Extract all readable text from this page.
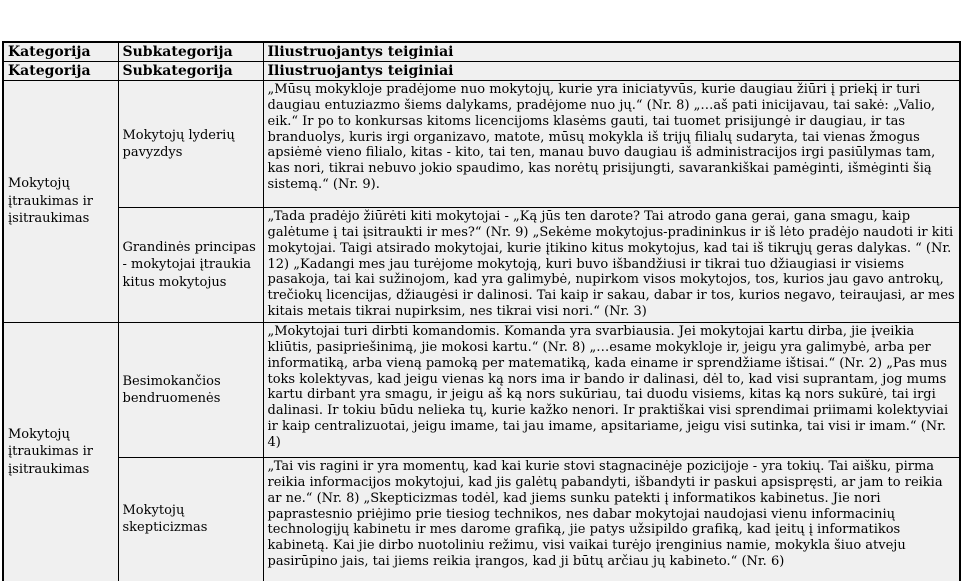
Kategorija	Subkategorija	Iliustruojantys teiginiai
Kategorija	Subkategorija	Iliustruojantys teiginiai
Mokytojų įtraukimas ir įsitraukimas	Mokytojų lyderių pavyzdys	„Mūsų mokykloje pradėjome nuo mokytojų, kurie yra iniciatyvūs, kurie daugiau žiūri į priekį ir turi daugiau entuziazmo šiems dalykams, pradėjome nuo jų.“ (Nr. 8) „…aš pati inicijavau, tai sakė: „Valio, eik.“ Ir po to konkursas kitoms licencijoms klasėms gauti, tai tuomet prisijungė ir daugiau, ir tas branduolys, kuris irgi organizavo, matote, mūsų mokykla iš trijų filialų sudaryta, tai vienas žmogus apsiėmė vieno filialo, kitas - kito, tai ten, manau buvo daugiau iš administracijos irgi pasiūlymas tam, kas nori, tikrai nebuvo jokio spaudimo, kas norėtų prisijungti, savarankiškai pamėginti, išmėginti šią sistemą.“ (Nr. 9).
	Grandinės principas - mokytojai įtraukia kitus mokytojus	„Tada pradėjo žiūrėti kiti mokytojai - „Ką jūs ten darote? Tai atrodo gana gerai, gana smagu, kaip galėtume į tai įsitraukti ir mes?“ (Nr. 9) „Sekėme mokytojus-pradininkus ir iš lėto pradėjo naudoti ir kiti mokytojai. Taigi atsirado mokytojai, kurie įtikino kitus mokytojus, kad tai iš tikrųjų geras dalykas. “ (Nr. 12) „Kadangi mes jau turėjome mokytoją, kuri buvo išbandžiusi ir tikrai tuo džiaugiasi ir visiems pasakoja, tai kai sužinojom, kad yra galimybė, nupirkom visos mokytojos, tos, kurios jau gavo antrokų, trečiokų licencijas, džiaugėsi ir dalinosi. Tai kaip ir sakau, dabar ir tos, kurios negavo, teiraujasi, ar mes kitais metais tikrai nupirksim, nes tikrai visi nori.“ (Nr. 3)
Mokytojų įtraukimas ir įsitraukimas	Besimokančios bendruomenės	„Mokytojai turi dirbti komandomis. Komanda yra svarbiausia. Jei mokytojai kartu dirba, jie įveikia kliūtis, pasipriešinimą, jie mokosi kartu.“ (Nr. 8) „…esame mokykloje ir, jeigu yra galimybė, arba per informatiką, arba vieną pamoką per matematiką, kada einame ir sprendžiame ištisai.“ (Nr. 2) „Pas mus toks kolektyvas, kad jeigu vienas ką nors ima ir bando ir dalinasi, dėl to, kad visi suprantam, jog mums kartu dirbant yra smagu, ir jeigu aš ką nors sukūriau, tai duodu visiems, kitas ką nors sukūrė, tai irgi dalinasi. Ir tokiu būdu nelieka tų, kurie kažko nenori. Ir praktiškai visi sprendimai priimami kolektyviai ir kaip centralizuotai, jeigu imame, tai jau imame, apsitariame, jeigu visi sutinka, tai visi ir imam.“ (Nr. 4)
	Mokytojų skepticizmas	„Tai vis ragini ir yra momentų, kad kai kurie stovi stagnacinėje pozicijoje - yra tokių. Tai aišku, pirma reikia informacijos mokytojui, kad jis galėtų pabandyti, išbandyti ir paskui apsispręsti, ar jam to reikia ar ne.“ (Nr. 8) „Skepticizmas todėl, kad jiems sunku patekti į informatikos kabinetus. Jie nori paprastesnio priėjimo prie tiesiog technikos, nes dabar mokytojai naudojasi vienu informacinių technologijų kabinetu ir mes darome grafiką, jie patys užsipildo grafiką, kad įeitų į informatikos kabinetą. Kai jie dirbo nuotoliniu režimu, visi vaikai turėjo įrenginius namie, mokykla šiuo atveju pasirūpino jais, tai jiems reikia įrangos, kad ji būtų arčiau jų kabineto.“ (Nr. 6)
